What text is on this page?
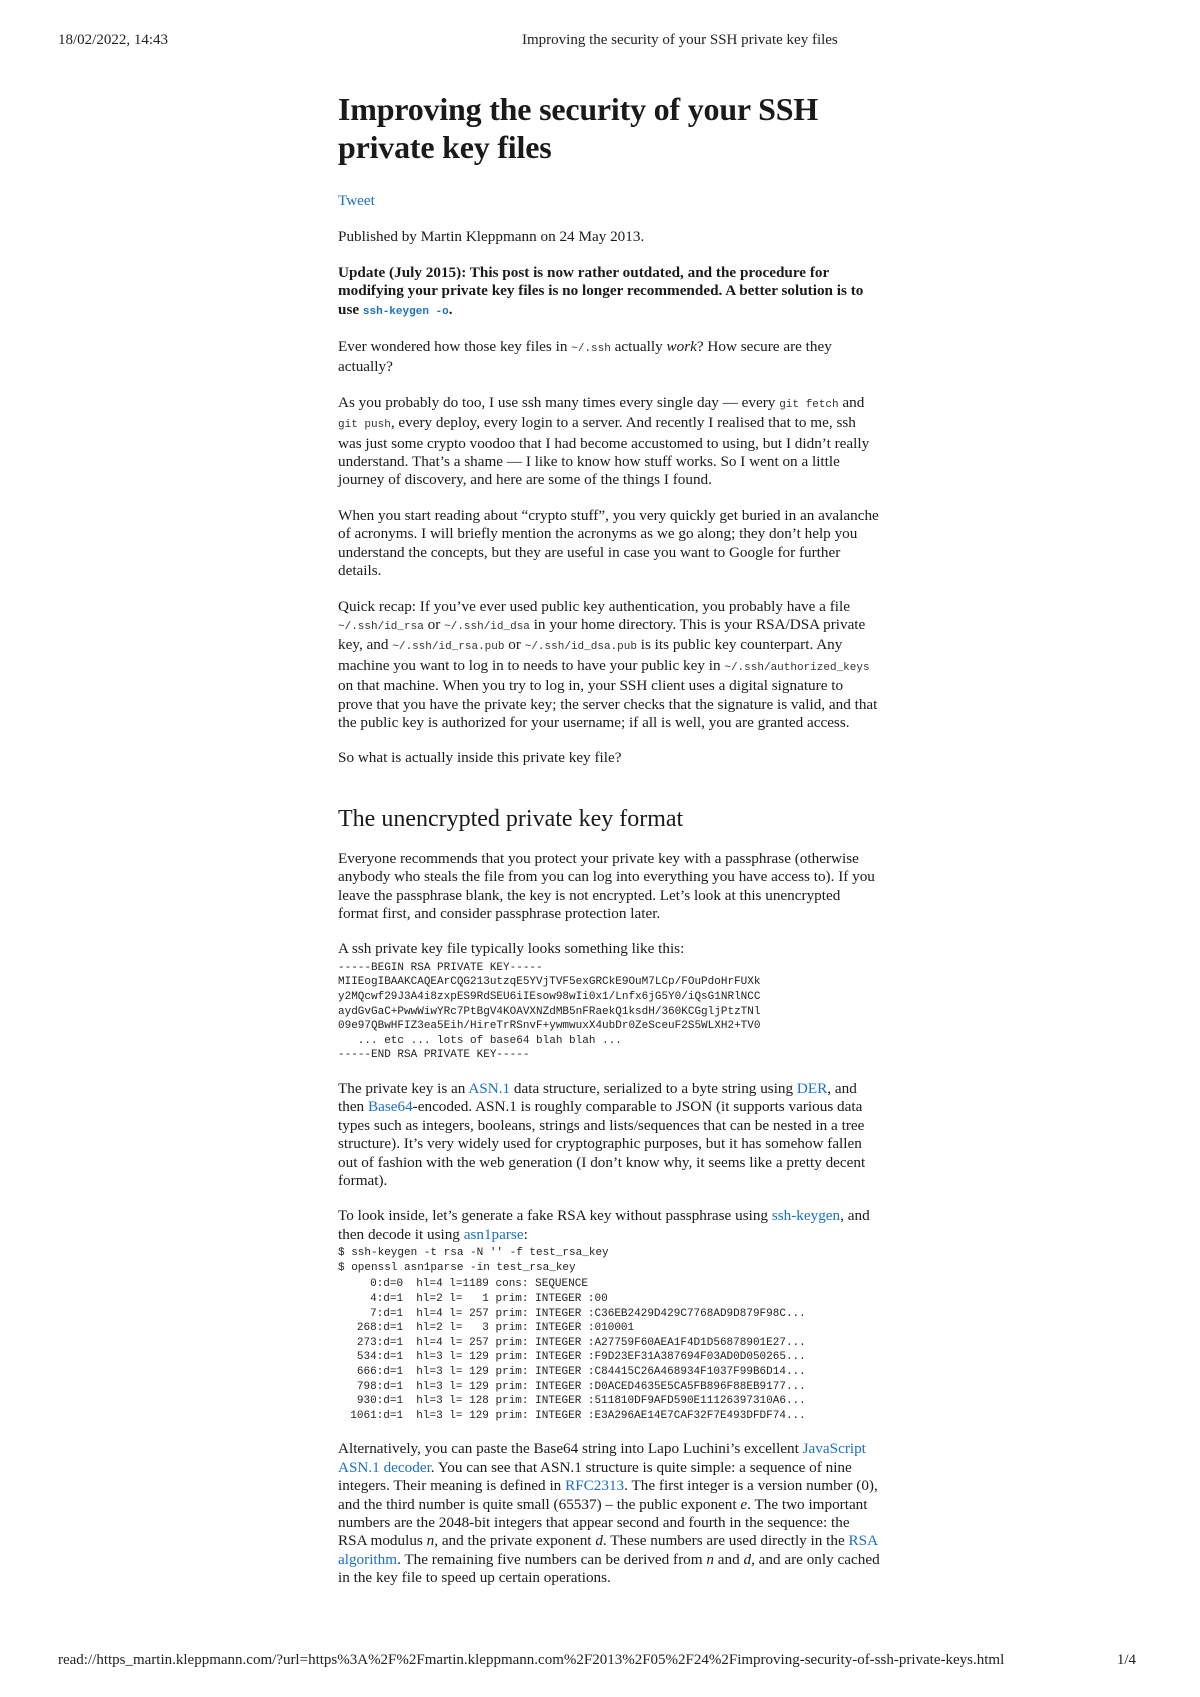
18/02/2022, 14:43	Improving the security of your SSH private key files
Improving the security of your SSH private key files

Tweet

Published by Martin Kleppmann on 24 May 2013.

Update (July 2015): This post is now rather outdated, and the procedure for modifying your private key files is no longer recommended. A better solution is to use ssh-keygen -o.

Ever wondered how those key files in ~/.ssh actually work? How secure are they actually?

As you probably do too, I use ssh many times every single day — every git fetch and git push, every deploy, every login to a server. And recently I realised that to me, ssh was just some crypto voodoo that I had become accustomed to using, but I didn’t really understand. That’s a shame — I like to know how stuff works. So I went on a little journey of discovery, and here are some of the things I found.

When you start reading about “crypto stuff”, you very quickly get buried in an avalanche of acronyms. I will briefly mention the acronyms as we go along; they don’t help you understand the concepts, but they are useful in case you want to Google for further details.

Quick recap: If you’ve ever used public key authentication, you probably have a file ~/.ssh/id_rsa or ~/.ssh/id_dsa in your home directory. This is your RSA/DSA private key, and ~/.ssh/id_rsa.pub or ~/.ssh/id_dsa.pub is its public key counterpart. Any machine you want to log in to needs to have your public key in ~/.ssh/authorized_keys on that machine. When you try to log in, your SSH client uses a digital signature to prove that you have the private key; the server checks that the signature is valid, and that the public key is authorized for your username; if all is well, you are granted access.

So what is actually inside this private key file?

The unencrypted private key format

Everyone recommends that you protect your private key with a passphrase (otherwise anybody who steals the file from you can log into everything you have access to). If you leave the passphrase blank, the key is not encrypted. Let’s look at this unencrypted format first, and consider passphrase protection later.

A ssh private key file typically looks something like this:

-----BEGIN RSA PRIVATE KEY-----
MIIEogIBAAKCAQEArCQG213utzqE5YVjTVF5exGRCkE9OuM7LCp/FOuPdoHrFUXk
y2MQcwf29J3A4i8zxpES9RdSEU6iIEsow98wIi0x1/Lnfx6jG5Y0/iQsG1NRlNCC
aydGvGaC+PwwWiwYRc7PtBgV4KOAVXNZdMB5nFRaekQ1ksdH/360KCGgljPtzTNl
09e97QBwHFIZ3ea5Eih/HireTrRSnvF+ywmwuxX4ubDr0ZeSceuF2S5WLXH2+TV0
... etc ... lots of base64 blah blah ...
-----END RSA PRIVATE KEY-----

The private key is an ASN.1 data structure, serialized to a byte string using DER, and then Base64-encoded. ASN.1 is roughly comparable to JSON (it supports various data types such as integers, booleans, strings and lists/sequences that can be nested in a tree structure). It’s very widely used for cryptographic purposes, but it has somehow fallen out of fashion with the web generation (I don’t know why, it seems like a pretty decent format).

To look inside, let’s generate a fake RSA key without passphrase using ssh-keygen, and then decode it using asn1parse:

$ ssh-keygen -t rsa -N '' -f test_rsa_key
$ openssl asn1parse -in test_rsa_key
0	:d=0  hl=4 l=1189 cons: SEQUENCE	
4	:d=1  hl=2 l=   1 prim: INTEGER	:00
7	:d=1  hl=4 l= 257 prim: INTEGER	:C36EB2429D429C7768AD9D879F98C...
268	:d=1  hl=2 l=   3 prim: INTEGER	:010001
273	:d=1  hl=4 l= 257 prim: INTEGER	:A27759F60AEA1F4D1D56878901E27...
534	:d=1  hl=3 l= 129 prim: INTEGER	:F9D23EF31A387694F03AD0D050265...
666	:d=1  hl=3 l= 129 prim: INTEGER	:C84415C26A468934F1037F99B6D14...
798	:d=1  hl=3 l= 129 prim: INTEGER	:D0ACED4635E5CA5FB896F88EB9177...
930	:d=1  hl=3 l= 128 prim: INTEGER	:511810DF9AFD590E11126397310A6...
1061	:d=1  hl=3 l= 129 prim: INTEGER	:E3A296AE14E7CAF32F7E493DFDF74...

Alternatively, you can paste the Base64 string into Lapo Luchini’s excellent JavaScript ASN.1 decoder. You can see that ASN.1 structure is quite simple: a sequence of nine integers. Their meaning is defined in RFC2313. The first integer is a version number (0), and the third number is quite small (65537) – the public exponent e. The two important numbers are the 2048-bit integers that appear second and fourth in the sequence: the RSA modulus n, and the private exponent d. These numbers are used directly in the RSA algorithm. The remaining five numbers can be derived from n and d, and are only cached in the key file to speed up certain operations.

read://https_martin.kleppmann.com/?url=https%3A%2F%2Fmartin.kleppmann.com%2F2013%2F05%2F24%2Fimproving-security-of-ssh-private-keys.html	1/4
